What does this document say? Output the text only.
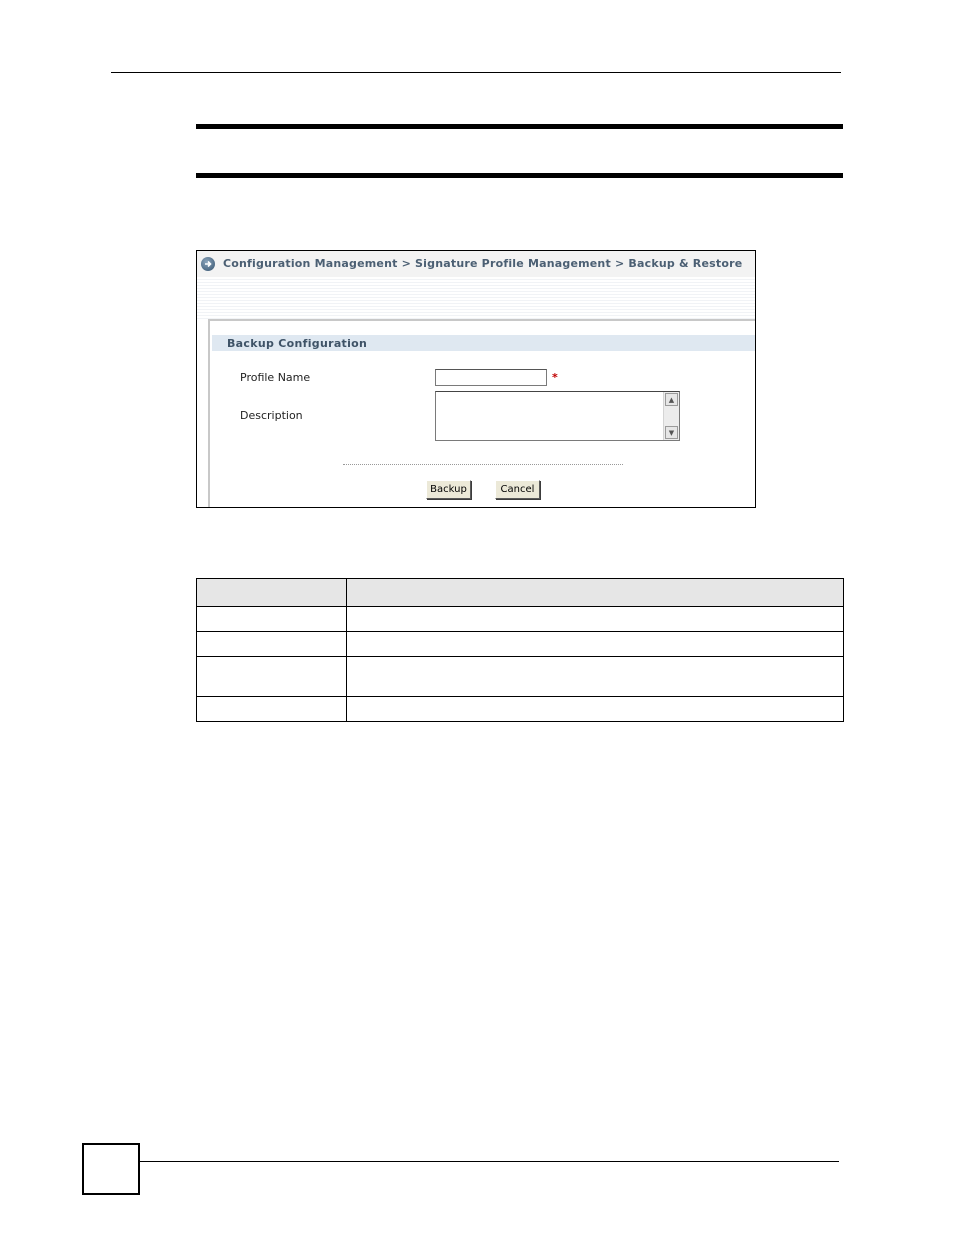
Configuration Management > Signature Profile Management > Backup & Restore
Backup Configuration
Profile Name	*
Description
▲
▼
Backup	Cancel
